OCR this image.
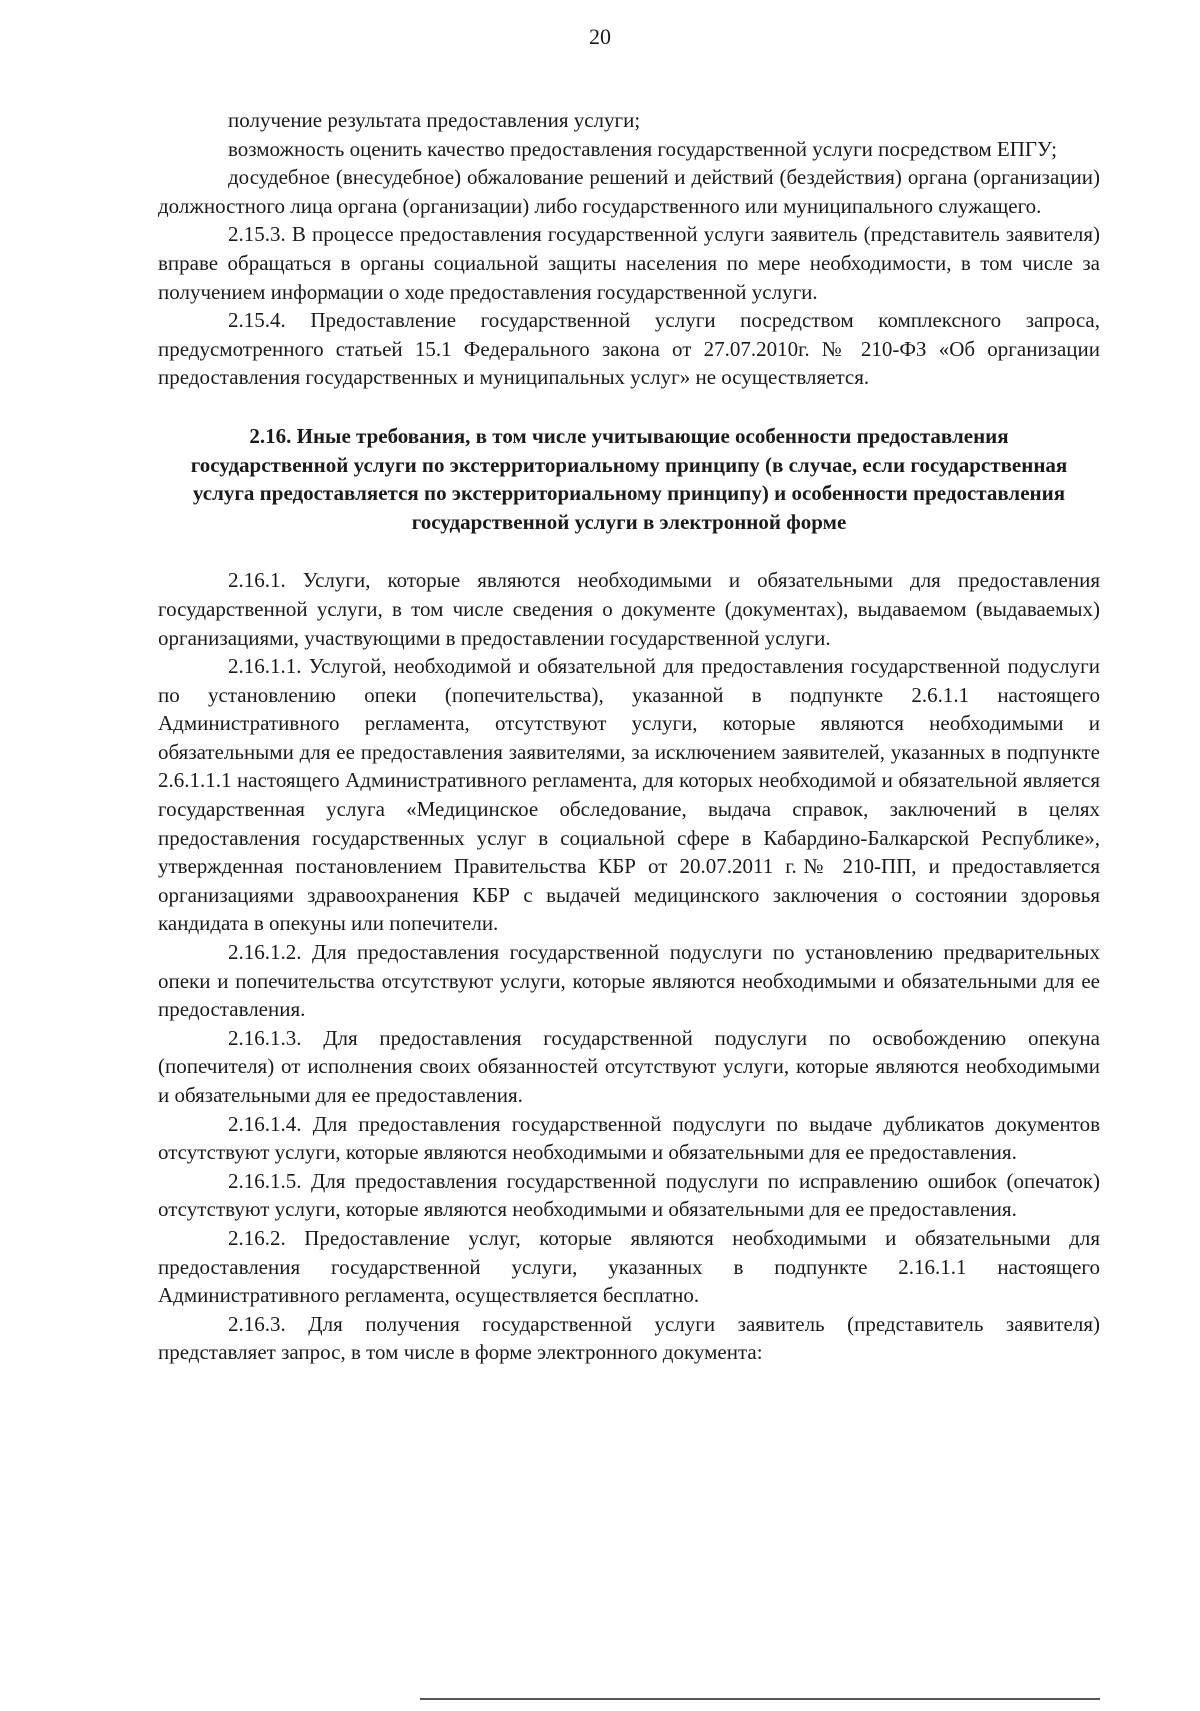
20

получение результата предоставления услуги;

возможность оценить качество предоставления государственной услуги посредством ЕПГУ;

досудебное (внесудебное) обжалование решений и действий (бездействия) органа (организации) должностного лица органа (организации) либо государственного или муниципального служащего.

2.15.3. В процессе предоставления государственной услуги заявитель (представитель заявителя) вправе обращаться в органы социальной защиты населения по мере необходимости, в том числе за получением информации о ходе предоставления государственной услуги.

2.15.4. Предоставление государственной услуги посредством комплексного запроса, предусмотренного статьей 15.1 Федерального закона от 27.07.2010г. № 210-ФЗ «Об организации предоставления государственных и муниципальных услуг» не осуществляется.

2.16. Иные требования, в том числе учитывающие особенности предоставления государственной услуги по экстерриториальному принципу (в случае, если государственная услуга предоставляется по экстерриториальному принципу) и особенности предоставления государственной услуги в электронной форме

2.16.1. Услуги, которые являются необходимыми и обязательными для предоставления государственной услуги, в том числе сведения о документе (документах), выдаваемом (выдаваемых) организациями, участвующими в предоставлении государственной услуги.

2.16.1.1. Услугой, необходимой и обязательной для предоставления государственной подуслуги по установлению опеки (попечительства), указанной в подпункте 2.6.1.1 настоящего Административного регламента, отсутствуют услуги, которые являются необходимыми и обязательными для ее предоставления заявителями, за исключением заявителей, указанных в подпункте 2.6.1.1.1 настоящего Административного регламента, для которых необходимой и обязательной является государственная услуга «Медицинское обследование, выдача справок, заключений в целях предоставления государственных услуг в социальной сфере в Кабардино-Балкарской Республике», утвержденная постановлением Правительства КБР от 20.07.2011 г.№ 210-ПП, и предоставляется организациями здравоохранения КБР с выдачей медицинского заключения о состоянии здоровья кандидата в опекуны или попечители.

2.16.1.2. Для предоставления государственной подуслуги по установлению предварительных опеки и попечительства отсутствуют услуги, которые являются необходимыми и обязательными для ее предоставления.

2.16.1.3. Для предоставления государственной подуслуги по освобождению опекуна (попечителя) от исполнения своих обязанностей отсутствуют услуги, которые являются необходимыми и обязательными для ее предоставления.

2.16.1.4. Для предоставления государственной подуслуги по выдаче дубликатов документов отсутствуют услуги, которые являются необходимыми и обязательными для ее предоставления.

2.16.1.5. Для предоставления государственной подуслуги по исправлению ошибок (опечаток) отсутствуют услуги, которые являются необходимыми и обязательными для ее предоставления.

2.16.2. Предоставление услуг, которые являются необходимыми и обязательными для предоставления государственной услуги, указанных в подпункте 2.16.1.1 настоящего Административного регламента, осуществляется бесплатно.

2.16.3. Для получения государственной услуги заявитель (представитель заявителя) представляет запрос, в том числе в форме электронного документа:
